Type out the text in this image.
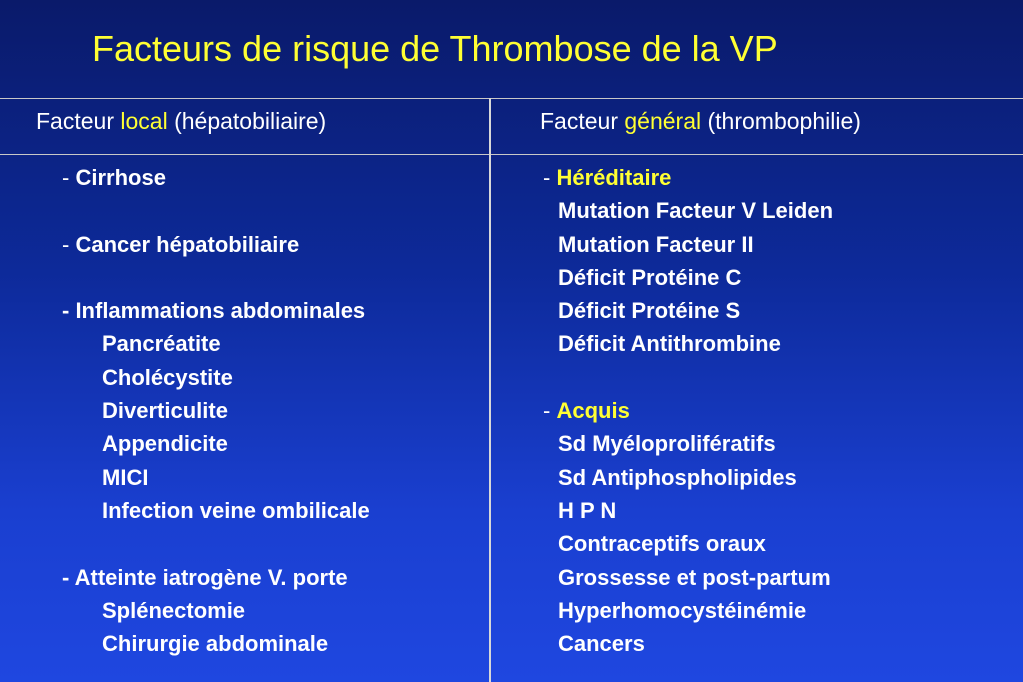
Facteurs de risque de Thrombose de la VP
Facteur local (hépatobiliaire)	Facteur général (thrombophilie)
- Cirrhose
- Cancer hépatobiliaire
- Inflammations abdominales
Pancréatite
Cholécystite
Diverticulite
Appendicite
MICI
Infection veine ombilicale
- Atteinte iatrogène V. porte
Splénectomie
Chirurgie abdominale
- Héréditaire
Mutation Facteur V Leiden
Mutation Facteur II
Déficit Protéine C
Déficit Protéine S
Déficit Antithrombine
- Acquis
Sd Myéloprolifératifs
Sd Antiphospholipides
H P N
Contraceptifs oraux
Grossesse et post-partum
Hyperhomocystéinémie
Cancers
